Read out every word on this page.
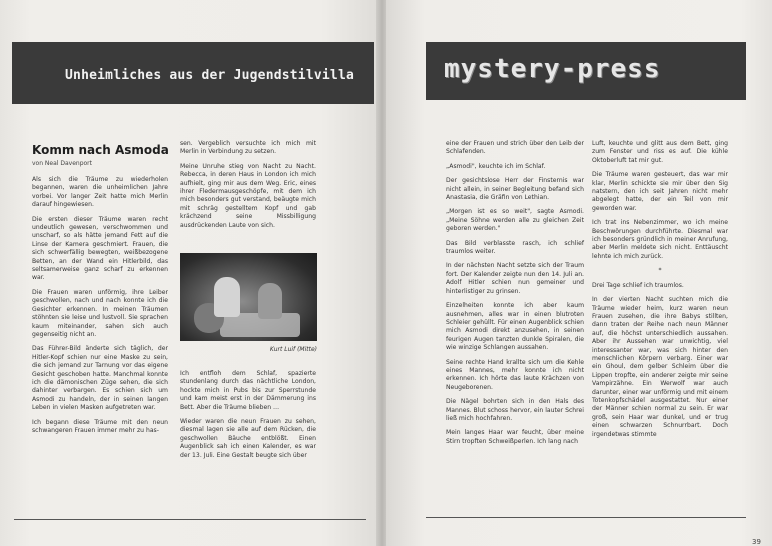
Unheimliches aus der Jugendstilvilla
Komm nach Asmoda
von Neal Davenport

Als sich die Träume zu wiederholen begannen, waren die unheimlichen Jahre vorbei. Vor langer Zeit hatte mich Merlin darauf hingewiesen.

Die ersten dieser Träume waren recht undeutlich gewesen, verschwommen und unscharf, so als hätte jemand Fett auf die Linse der Kamera geschmiert. Frauen, die sich schwerfällig bewegten, weißbezogene Betten, an der Wand ein Hitlerbild, das seltsamerweise ganz scharf zu erkennen war.

Die Frauen waren unförmig, ihre Leiber geschwollen, nach und nach konnte ich die Gesichter erkennen. In meinen Träumen stöhnten sie leise und lustvoll. Sie sprachen kaum miteinander, sahen sich auch gegenseitig nicht an.

Das Führer-Bild änderte sich täglich, der Hitler-Kopf schien nur eine Maske zu sein, die sich jemand zur Tarnung vor das eigene Gesicht geschoben hatte. Manchmal konnte ich die dämonischen Züge sehen, die sich dahinter verbargen. Es schien sich um Asmodi zu handeln, der in seinen langen Leben in vielen Masken aufgetreten war.

Ich begann diese Träume mit den neun schwangeren Frauen immer mehr zu has-

sen. Vergeblich versuchte ich mich mit Merlin in Verbindung zu setzen.

Meine Unruhe stieg von Nacht zu Nacht. Rebecca, in deren Haus in London ich mich aufhielt, ging mir aus dem Weg. Eric, eines ihrer Fledermausgeschöpfe, mit dem ich mich besonders gut verstand, beäugte mich mit schräg gestelltem Kopf und gab krächzend seine Missbilligung ausdrückenden Laute von sich.

Kurt Luif (Mitte)

Ich entfloh dem Schlaf, spazierte stundenlang durch das nächtliche London, hockte mich in Pubs bis zur Sperrstunde und kam meist erst in der Dämmerung ins Bett. Aber die Träume blieben …

Wieder waren die neun Frauen zu sehen, diesmal lagen sie alle auf dem Rücken, die geschwollen Bäuche entblößt. Einen Augenblick sah ich einen Kalender, es war der 13. Juli. Eine Gestalt beugte sich über

mystery-press

eine der Frauen und strich über den Leib der Schlafenden.

„Asmodi", keuchte ich im Schlaf.

Der gesichtslose Herr der Finsternis war nicht allein, in seiner Begleitung befand sich Anastasia, die Gräfin von Lethian.

„Morgen ist es so weit", sagte Asmodi. „Meine Söhne werden alle zu gleichen Zeit geboren werden."

Das Bild verblasste rasch, ich schlief traumlos weiter.

In der nächsten Nacht setzte sich der Traum fort. Der Kalender zeigte nun den 14. Juli an. Adolf Hitler schien nun gemeiner und hinterlistiger zu grinsen.

Einzelheiten konnte ich aber kaum ausnehmen, alles war in einen blutroten Schleier gehüllt. Für einen Augenblick schien mich Asmodi direkt anzusehen, in seinen feurigen Augen tanzten dunkle Spiralen, die wie winzige Schlangen aussahen.

Seine rechte Hand krallte sich um die Kehle eines Mannes, mehr konnte ich nicht erkennen. Ich hörte das laute Krächzen von Neugeborenen.

Die Nägel bohrten sich in den Hals des Mannes. Blut schoss hervor, ein lauter Schrei ließ mich hochfahren.

Mein langes Haar war feucht, über meine Stirn tropften Schweißperlen. Ich lang nach

Luft, keuchte und glitt aus dem Bett, ging zum Fenster und riss es auf. Die kühle Oktoberluft tat mir gut.

Die Träume waren gesteuert, das war mir klar, Merlin schickte sie mir über den Sig natstern, den ich seit Jahren nicht mehr abgelegt hatte, der ein Teil von mir geworden war.

Ich trat ins Nebenzimmer, wo ich meine Beschwörungen durchführte. Diesmal war ich besonders gründlich in meiner Anrufung, aber Merlin meldete sich nicht. Enttäuscht lehnte ich mich zurück.

*

Drei Tage schlief ich traumlos.

In der vierten Nacht suchten mich die Träume wieder heim, kurz waren neun Frauen zusehen, die ihre Babys stillten, dann traten der Reihe nach neun Männer auf, die höchst unterschiedlich aussahen. Aber ihr Aussehen war unwichtig, viel interessanter war, was sich hinter den menschlichen Körpern verbarg. Einer war ein Ghoul, dem gelber Schleim über die Lippen tropfte, ein anderer zeigte mir seine Vampirzähne. Ein Werwolf war auch darunter, einer war unförmig und mit einem Totenkopfschädel ausgestattet. Nur einer der Männer schien normal zu sein. Er war groß, sein Haar war dunkel, und er trug einen schwarzen Schnurrbart. Doch irgendetwas stimmte

39
